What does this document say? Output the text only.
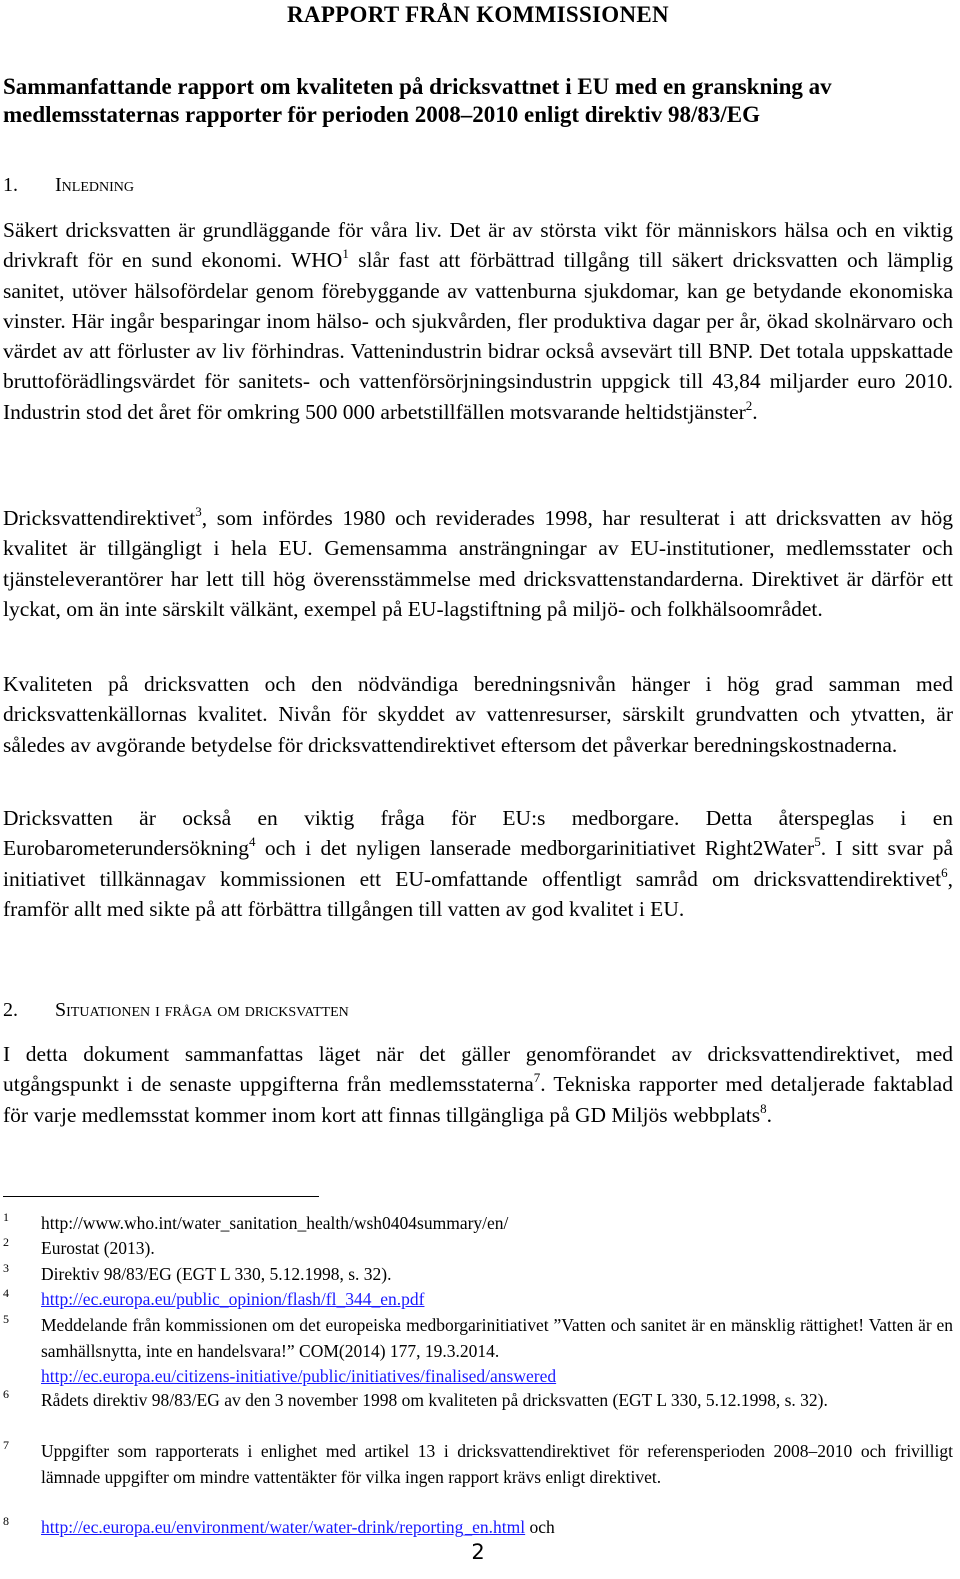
RAPPORT FRÅN KOMMISSIONEN
Sammanfattande rapport om kvaliteten på dricksvattnet i EU med en granskning av medlemsstaternas rapporter för perioden 2008–2010 enligt direktiv 98/83/EG
1. Inledning

Säkert dricksvatten är grundläggande för våra liv. Det är av största vikt för människors hälsa och en viktig drivkraft för en sund ekonomi. WHO$^1$ slår fast att förbättrad tillgång till säkert dricksvatten och lämplig sanitet, utöver hälsofördelar genom förebyggande av vattenburna sjukdomar, kan ge betydande ekonomiska vinster. Här ingår besparingar inom hälso- och sjukvården, fler produktiva dagar per år, ökad skolnärvaro och värdet av att förluster av liv förhindras. Vattenindustrin bidrar också avsevärt till BNP. Det totala uppskattade bruttoförädlingsvärdet för sanitets- och vattenförsörjningsindustrin uppgick till 43,84 miljarder euro 2010. Industrin stod det året för omkring 500 000 arbetstillfällen motsvarande heltidstjänster$^2$.

Dricksvattendirektivet$^3$, som infördes 1980 och reviderades 1998, har resulterat i att dricksvatten av hög kvalitet är tillgängligt i hela EU. Gemensamma ansträngningar av EU-institutioner, medlemsstater och tjänsteleverantörer har lett till hög överensstämmelse med dricksvattenstandarderna. Direktivet är därför ett lyckat, om än inte särskilt välkänt, exempel på EU-lagstiftning på miljö- och folkhälsoområdet.

Kvaliteten på dricksvatten och den nödvändiga beredningsnivån hänger i hög grad samman med dricksvattenkällornas kvalitet. Nivån för skyddet av vattenresurser, särskilt grundvatten och ytvatten, är således av avgörande betydelse för dricksvattendirektivet eftersom det påverkar beredningskostnaderna.

Dricksvatten är också en viktig fråga för EU:s medborgare. Detta återspeglas i en Eurobarometerundersökning$^4$ och i det nyligen lanserade medborgarinitiativet Right2Water$^5$. I sitt svar på initiativet tillkännagav kommissionen ett EU-omfattande offentligt samråd om dricksvattendirektivet$^6$, framför allt med sikte på att förbättra tillgången till vatten av god kvalitet i EU.

2. Situationen i fråga om dricksvatten

I detta dokument sammanfattas läget när det gäller genomförandet av dricksvattendirektivet, med utgångspunkt i de senaste uppgifterna från medlemsstaterna$^7$. Tekniska rapporter med detaljerade faktablad för varje medlemsstat kommer inom kort att finnas tillgängliga på GD Miljös webbplats$^8$.

1 http://www.who.int/water_sanitation_health/wsh0404summary/en/
2 Eurostat (2013).
3 Direktiv 98/83/EG (EGT L 330, 5.12.1998, s. 32).
4 http://ec.europa.eu/public_opinion/flash/fl_344_en.pdf
5 Meddelande från kommissionen om det europeiska medborgarinitiativet ”Vatten och sanitet är en mänsklig rättighet! Vatten är en samhällsnytta, inte en handelsvara!” COM(2014) 177, 19.3.2014.
http://ec.europa.eu/citizens-initiative/public/initiatives/finalised/answered
6 Rådets direktiv 98/83/EG av den 3 november 1998 om kvaliteten på dricksvatten (EGT L 330, 5.12.1998, s. 32).
7 Uppgifter som rapporterats i enlighet med artikel 13 i dricksvattendirektivet för referensperioden 2008–2010 och frivilligt lämnade uppgifter om mindre vattentäkter för vilka ingen rapport krävs enligt direktivet.
8 http://ec.europa.eu/environment/water/water-drink/reporting_en.html och
2
